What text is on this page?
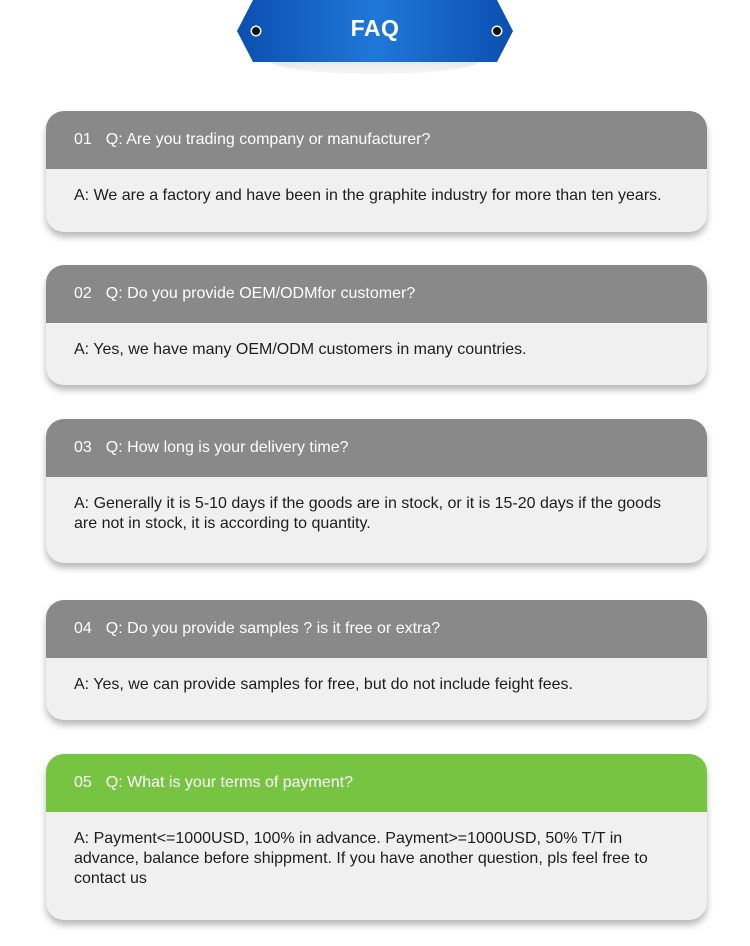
FAQ
01 Q: Are you trading company or manufacturer?
A: We are a factory and have been in the graphite industry for more than ten years.
02 Q: Do you provide OEM/ODMfor customer?
A: Yes, we have many OEM/ODM customers in many countries.
03 Q: How long is your delivery time?
A: Generally it is 5-10 days if the goods are in stock, or it is 15-20 days if the goods are not in stock, it is according to quantity.
04 Q: Do you provide samples ? is it free or extra?
A: Yes, we can provide samples for free, but do not include feight fees.
05 Q: What is your terms of payment?
A: Payment<=1000USD, 100% in advance. Payment>=1000USD, 50% T/T in advance, balance before shippment. If you have another question, pls feel free to contact us
